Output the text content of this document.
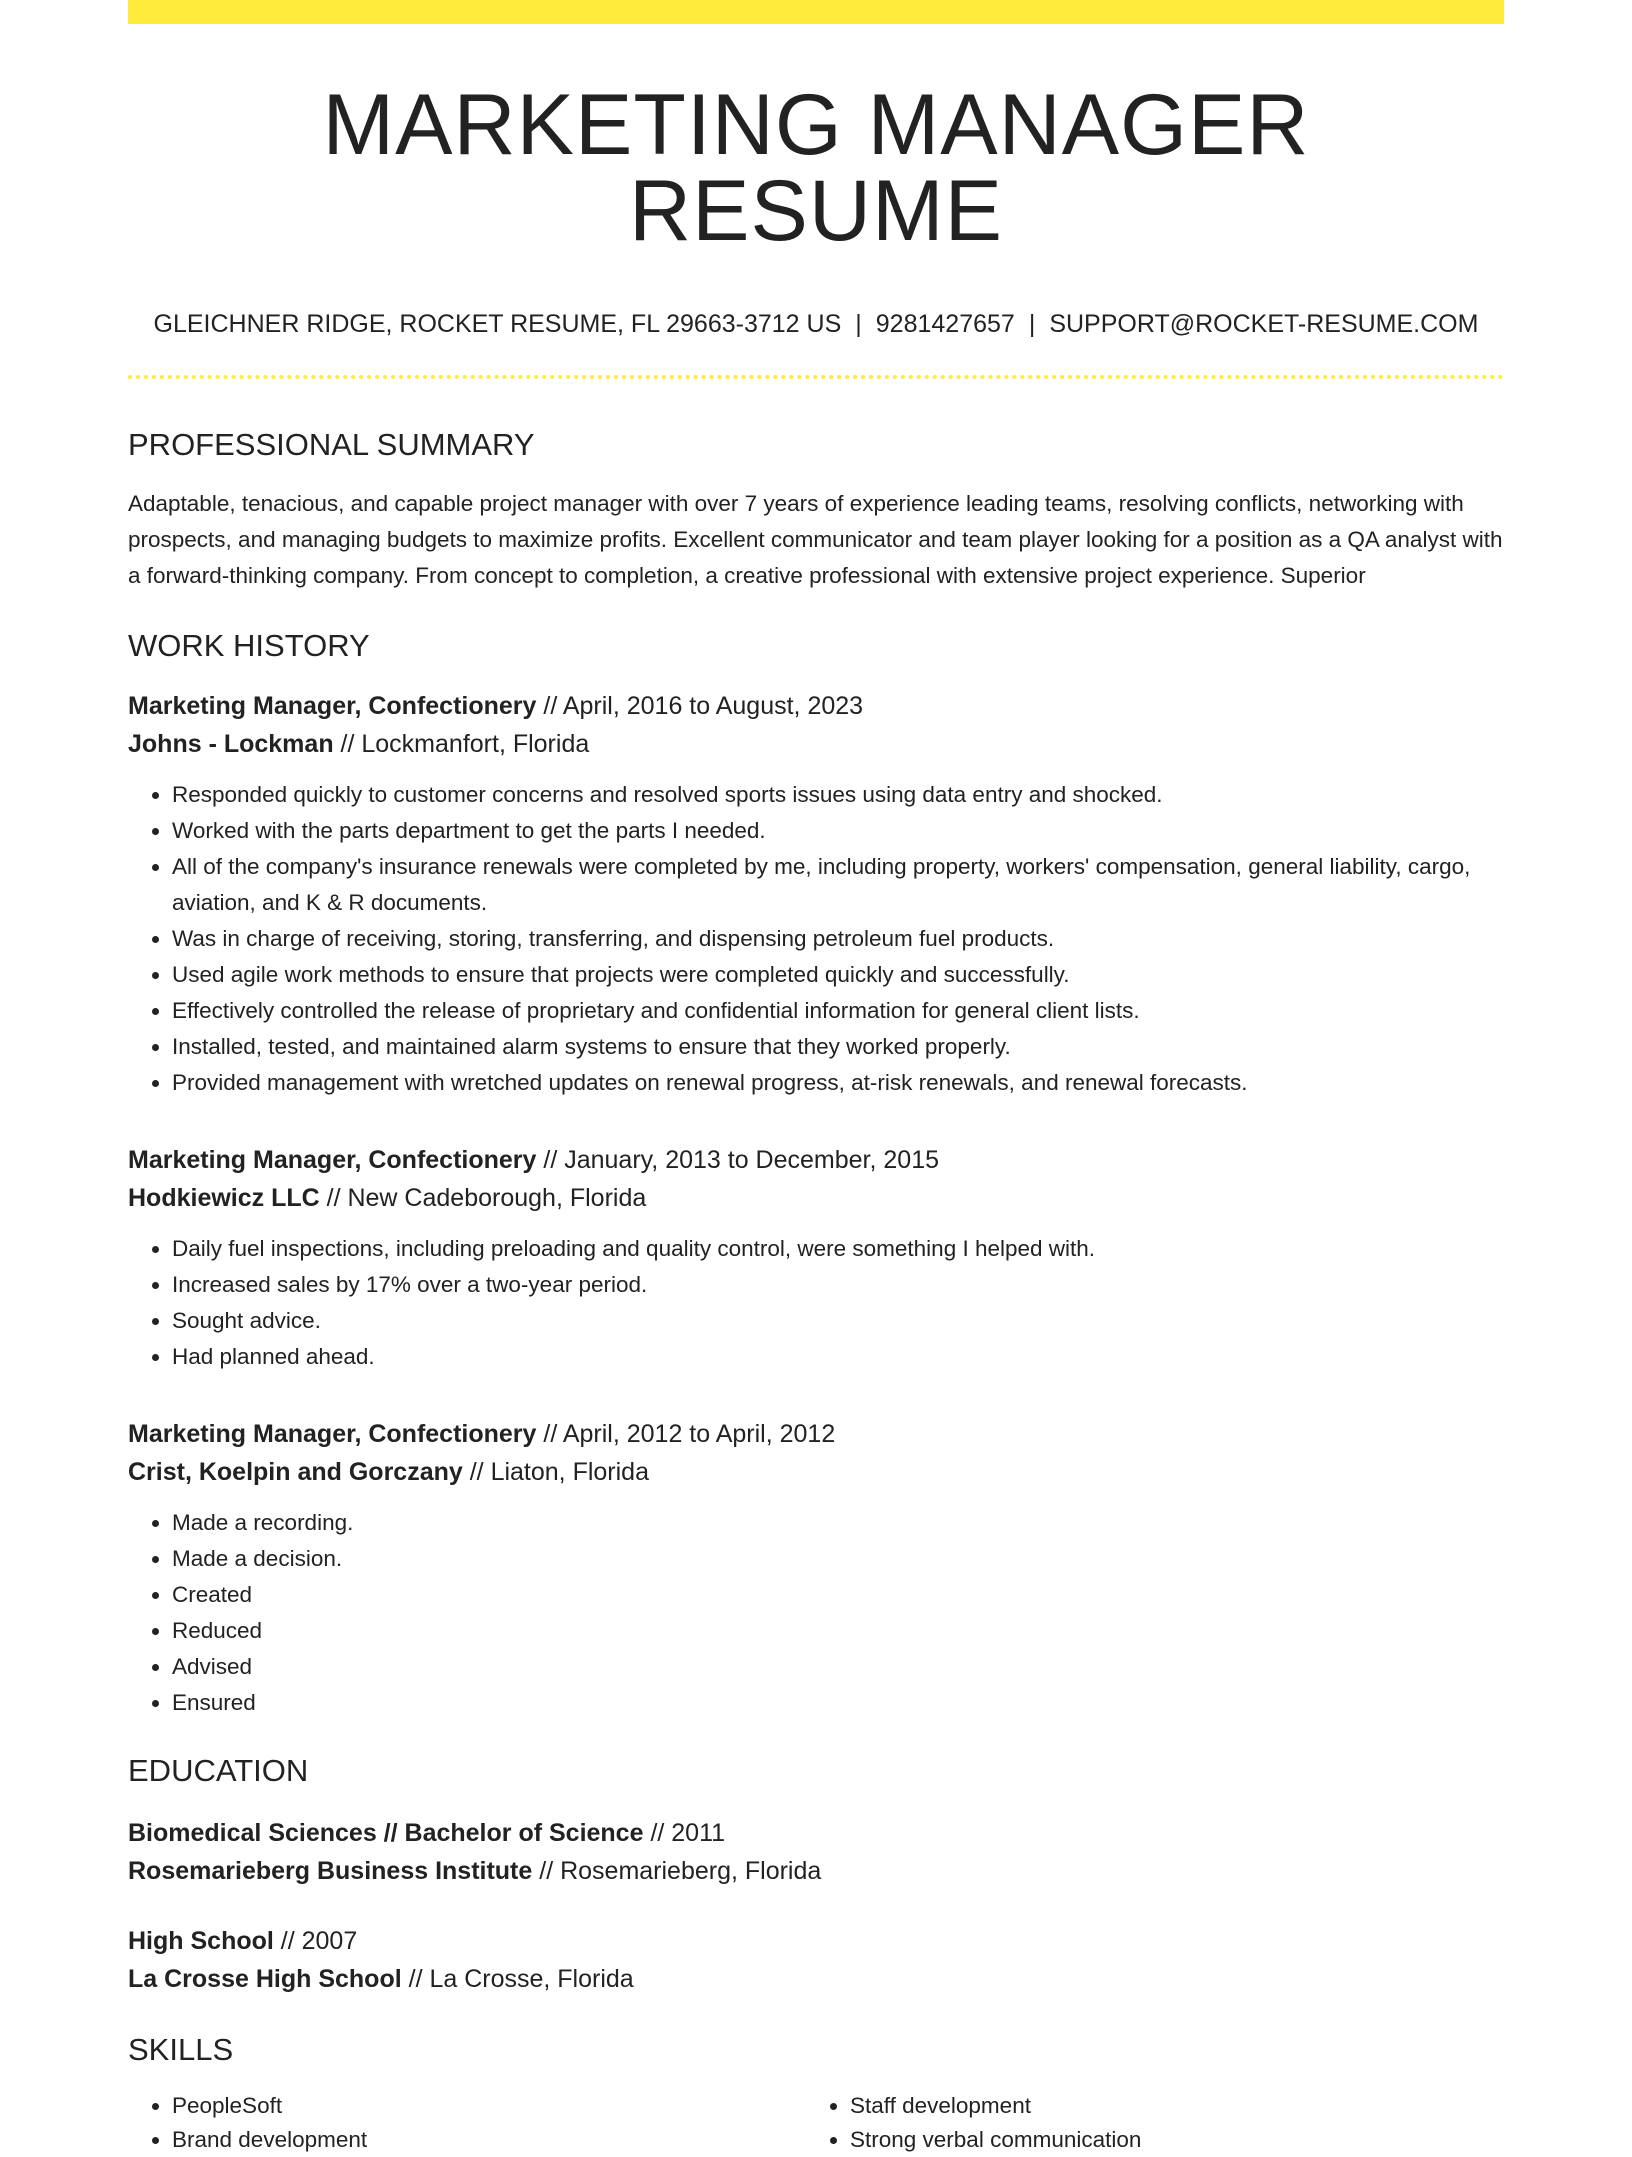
MARKETING MANAGER RESUME
GLEICHNER RIDGE, ROCKET RESUME, FL 29663-3712 US | 9281427657 | SUPPORT@ROCKET-RESUME.COM
PROFESSIONAL SUMMARY

Adaptable, tenacious, and capable project manager with over 7 years of experience leading teams, resolving conflicts, networking with prospects, and managing budgets to maximize profits. Excellent communicator and team player looking for a position as a QA analyst with a forward-thinking company. From concept to completion, a creative professional with extensive project experience. Superior

WORK HISTORY
Marketing Manager, Confectionery // April, 2016 to August, 2023
Johns - Lockman // Lockmanfort, Florida
• Responded quickly to customer concerns and resolved sports issues using data entry and shocked.
• Worked with the parts department to get the parts I needed.
• All of the company's insurance renewals were completed by me, including property, workers' compensation, general liability, cargo, aviation, and K & R documents.
• Was in charge of receiving, storing, transferring, and dispensing petroleum fuel products.
• Used agile work methods to ensure that projects were completed quickly and successfully.
• Effectively controlled the release of proprietary and confidential information for general client lists.
• Installed, tested, and maintained alarm systems to ensure that they worked properly.
• Provided management with wretched updates on renewal progress, at-risk renewals, and renewal forecasts.
Marketing Manager, Confectionery // January, 2013 to December, 2015
Hodkiewicz LLC // New Cadeborough, Florida
• Daily fuel inspections, including preloading and quality control, were something I helped with.
• Increased sales by 17% over a two-year period.
• Sought advice.
• Had planned ahead.
Marketing Manager, Confectionery // April, 2012 to April, 2012
Crist, Koelpin and Gorczany // Liaton, Florida
• Made a recording.
• Made a decision.
• Created
• Reduced
• Advised
• Ensured
EDUCATION
Biomedical Sciences // Bachelor of Science // 2011
Rosemarieberg Business Institute // Rosemarieberg, Florida
High School // 2007
La Crosse High School // La Crosse, Florida
SKILLS
• PeopleSoft
• Brand development
• Staff development
• Strong verbal communication
